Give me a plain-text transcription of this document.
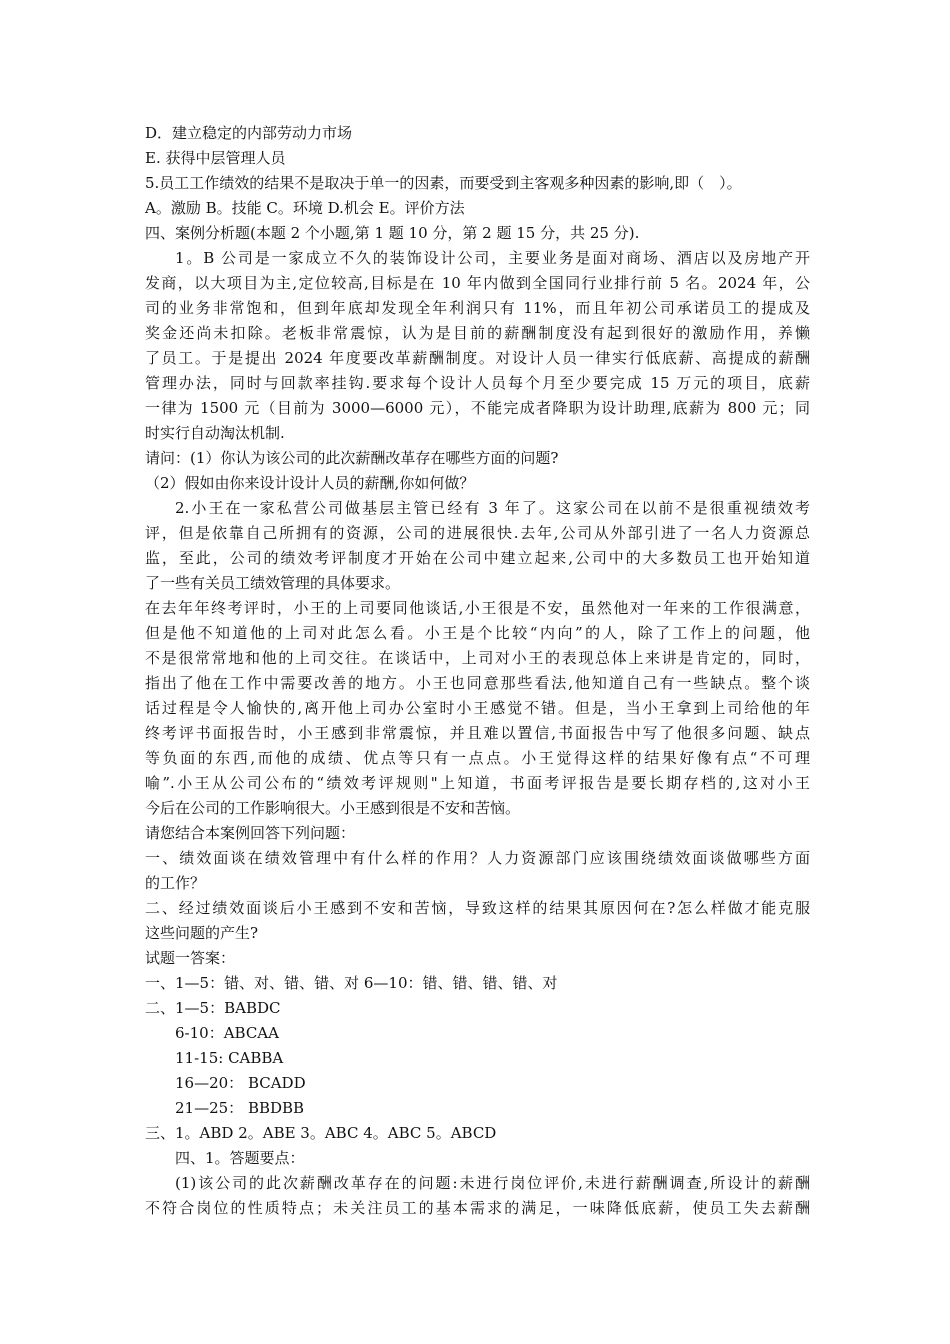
D．建立稳定的内部劳动力市场
E. 获得中层管理人员
5.员工工作绩效的结果不是取决于单一的因素，而要受到主客观多种因素的影响,即（　）。
A。激励 B。技能 C。环境 D.机会 E。评价方法
四、案例分析题(本题 2 个小题,第 1 题 10 分，第 2 题 15 分，共 25 分).
1。B 公司是一家成立不久的装饰设计公司，主要业务是面对商场、酒店以及房地产开
发商，以大项目为主,定位较高,目标是在 10 年内做到全国同行业排行前 5 名。2024 年，公
司的业务非常饱和，但到年底却发现全年利润只有 11%，而且年初公司承诺员工的提成及
奖金还尚未扣除。老板非常震惊，认为是目前的薪酬制度没有起到很好的激励作用，养懒
了员工。于是提出 2024 年度要改革薪酬制度。对设计人员一律实行低底薪、高提成的薪酬
管理办法，同时与回款率挂钩.要求每个设计人员每个月至少要完成 15 万元的项目，底薪
一律为 1500 元（目前为 3000—6000 元），不能完成者降职为设计助理,底薪为 800 元；同
时实行自动淘汰机制.
请问：(1）你认为该公司的此次薪酬改革存在哪些方面的问题?
（2）假如由你来设计设计人员的薪酬,你如何做？
2.小王在一家私营公司做基层主管已经有 3 年了。这家公司在以前不是很重视绩效考
评，但是依靠自己所拥有的资源，公司的进展很快.去年,公司从外部引进了一名人力资源总
监，至此，公司的绩效考评制度才开始在公司中建立起来,公司中的大多数员工也开始知道
了一些有关员工绩效管理的具体要求。
在去年年终考评时，小王的上司要同他谈话,小王很是不安，虽然他对一年来的工作很满意，
但是他不知道他的上司对此怎么看。小王是个比较“内向”的人，除了工作上的问题，他
不是很常常地和他的上司交往。在谈话中，上司对小王的表现总体上来讲是肯定的，同时，
指出了他在工作中需要改善的地方。小王也同意那些看法,他知道自己有一些缺点。整个谈
话过程是令人愉快的,离开他上司办公室时小王感觉不错。但是，当小王拿到上司给他的年
终考评书面报告时，小王感到非常震惊，并且难以置信,书面报告中写了他很多问题、缺点
等负面的东西,而他的成绩、优点等只有一点点。小王觉得这样的结果好像有点“不可理
喻”.小王从公司公布的“绩效考评规则"上知道，书面考评报告是要长期存档的,这对小王
今后在公司的工作影响很大。小王感到很是不安和苦恼。
请您结合本案例回答下列问题：
一、绩效面谈在绩效管理中有什么样的作用？人力资源部门应该围绕绩效面谈做哪些方面
的工作？
二、经过绩效面谈后小王感到不安和苦恼，导致这样的结果其原因何在?怎么样做才能克服
这些问题的产生?
试题一答案：
一、1—5：错、对、错、错、对 6—10：错、错、错、错、对
二、1—5：BABDC
6-10：ABCAA
11-15: CABBA
16—20： BCADD
21—25： BBDBB
三、1。ABD 2。ABE 3。ABC 4。ABC 5。ABCD
四、1。答题要点：
(1)该公司的此次薪酬改革存在的问题:未进行岗位评价,未进行薪酬调查,所设计的薪酬
不符合岗位的性质特点；未关注员工的基本需求的满足，一味降低底薪，使员工失去薪酬
